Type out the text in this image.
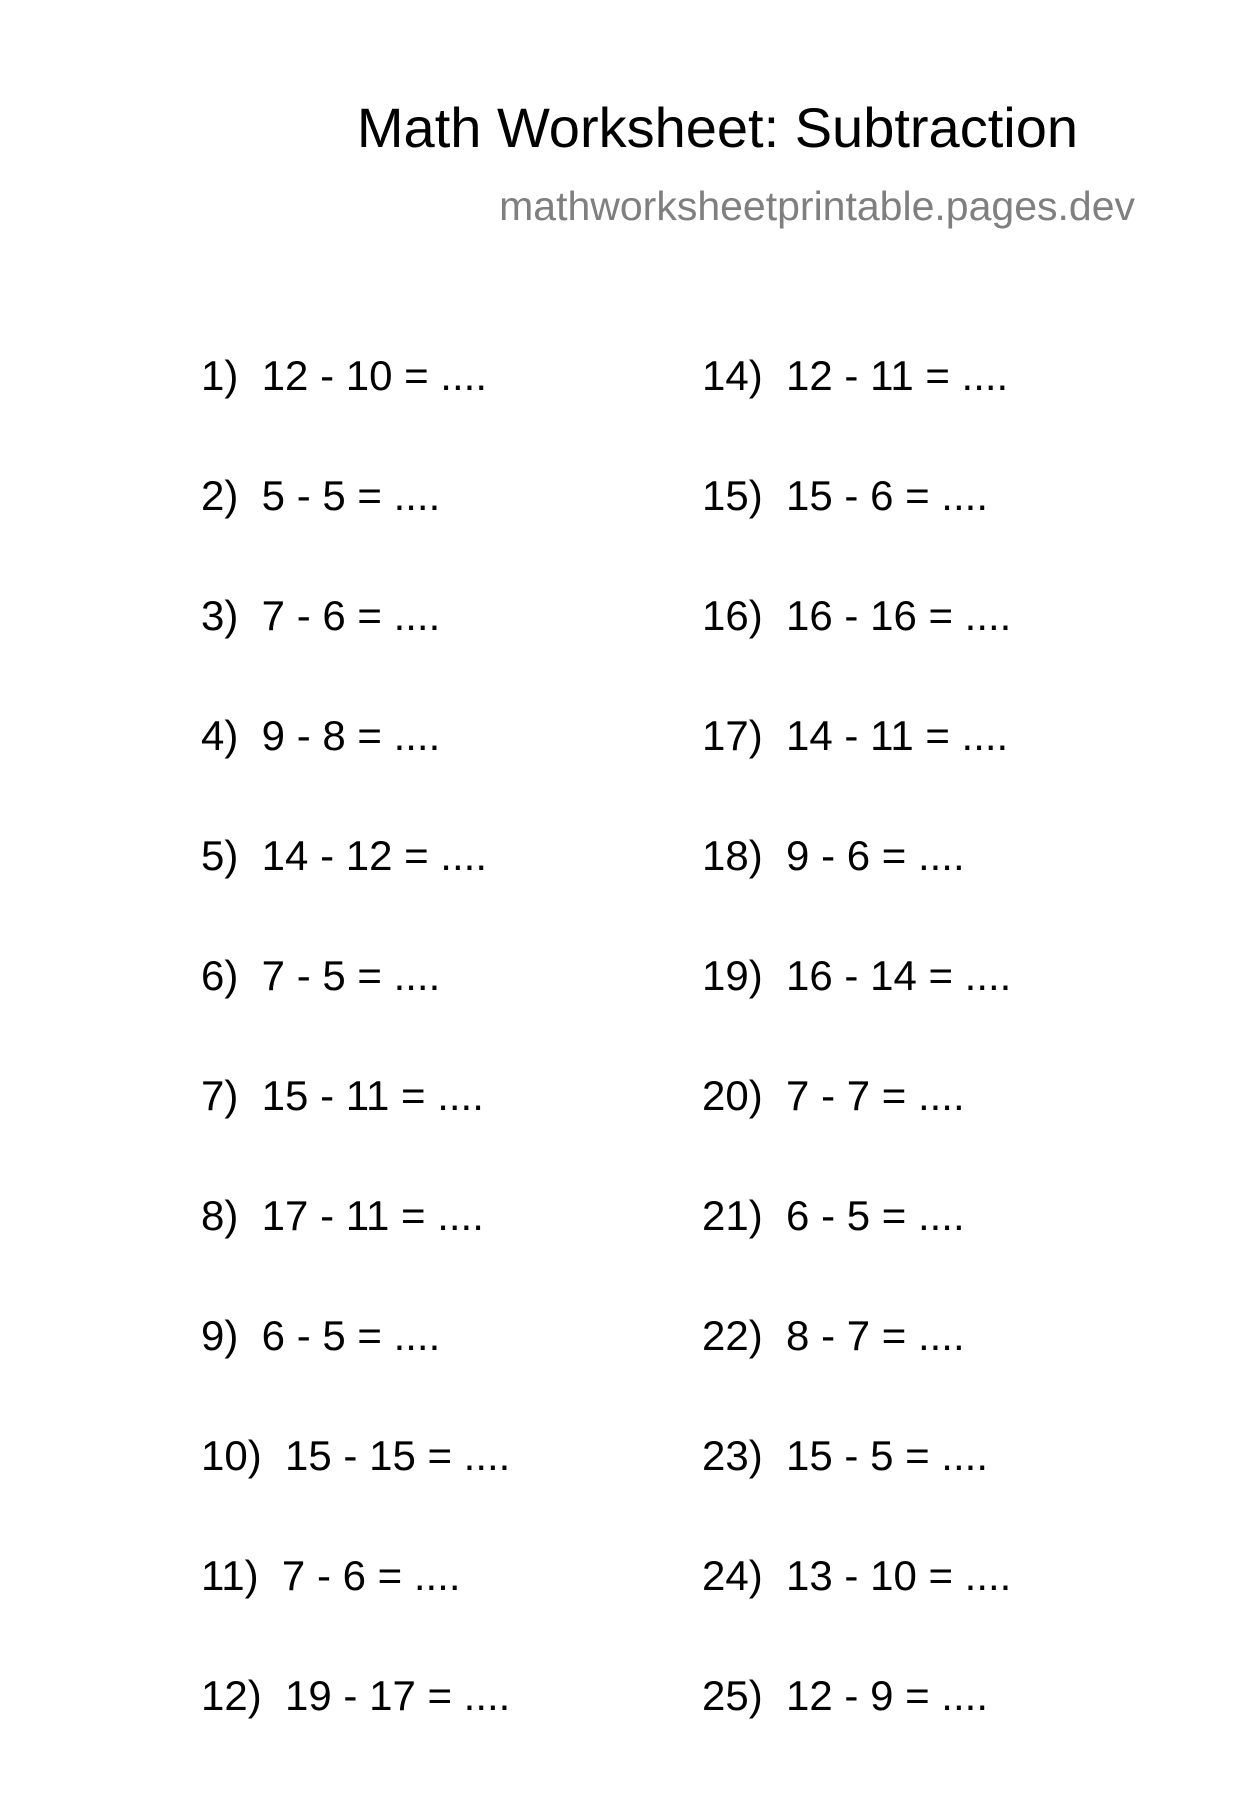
Math Worksheet: Subtraction
mathworksheetprintable.pages.dev
1)  12 - 10 = ....
2)  5 - 5 = ....
3)  7 - 6 = ....
4)  9 - 8 = ....
5)  14 - 12 = ....
6)  7 - 5 = ....
7)  15 - 11 = ....
8)  17 - 11 = ....
9)  6 - 5 = ....
10)  15 - 15 = ....
11)  7 - 6 = ....
12)  19 - 17 = ....
14)  12 - 11 = ....
15)  15 - 6 = ....
16)  16 - 16 = ....
17)  14 - 11 = ....
18)  9 - 6 = ....
19)  16 - 14 = ....
20)  7 - 7 = ....
21)  6 - 5 = ....
22)  8 - 7 = ....
23)  15 - 5 = ....
24)  13 - 10 = ....
25)  12 - 9 = ....
